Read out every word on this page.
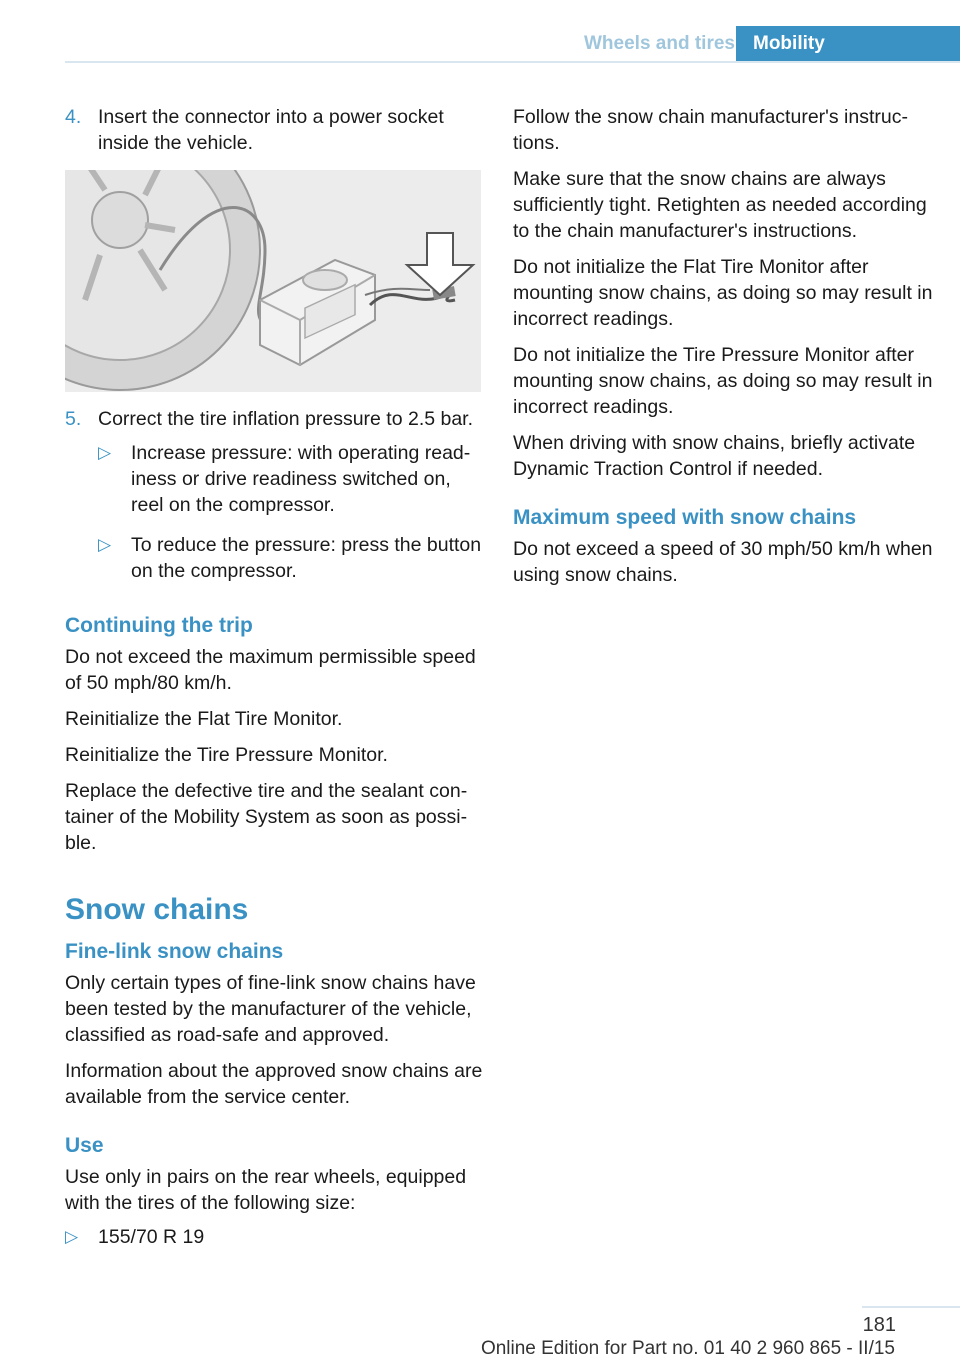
Wheels and tires Mobility
4. Insert the connector into a power socket inside the vehicle.
5. Correct the tire inflation pressure to 2.5 bar.
▷ Increase pressure: with operating readiness or drive readiness switched on, reel on the compressor.
▷ To reduce the pressure: press the button on the compressor.
Continuing the trip

Do not exceed the maximum permissible speed of 50 mph/80 km/h.

Reinitialize the Flat Tire Monitor.

Reinitialize the Tire Pressure Monitor.

Replace the defective tire and the sealant container of the Mobility System as soon as possible.

Snow chains
Fine-link snow chains

Only certain types of fine-link snow chains have been tested by the manufacturer of the vehicle, classified as road-safe and approved.

Information about the approved snow chains are available from the service center.

Use

Use only in pairs on the rear wheels, equipped with the tires of the following size:

▷ 155/70 R 19

Follow the snow chain manufacturer's instructions.

Make sure that the snow chains are always sufficiently tight. Retighten as needed according to the chain manufacturer's instructions.

Do not initialize the Flat Tire Monitor after mounting snow chains, as doing so may result in incorrect readings.

Do not initialize the Tire Pressure Monitor after mounting snow chains, as doing so may result in incorrect readings.

When driving with snow chains, briefly activate Dynamic Traction Control if needed.

Maximum speed with snow chains

Do not exceed a speed of 30 mph/50 km/h when using snow chains.

181
Online Edition for Part no. 01 40 2 960 865 - II/15
